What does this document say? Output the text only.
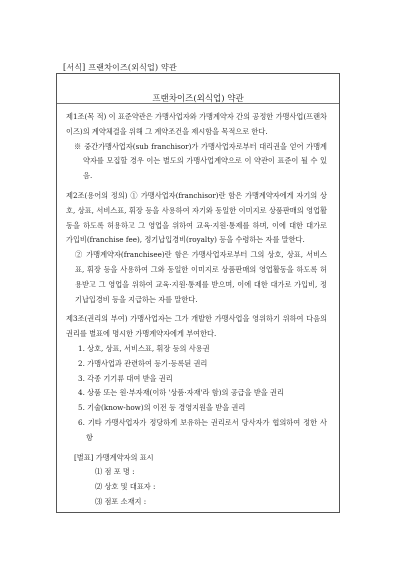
[서식] 프랜차이즈(외식업) 약관
프랜차이즈(외식업) 약관

제1조(목 적) 이 표준약관은 가맹사업자와 가맹계약자 간의 공정한 가맹사업(프랜차이즈)의 계약체결을 위해 그 계약조건을 제시함을 목적으로 한다.

※ 중간가맹사업자(sub franchisor)가 가맹사업자로부터 대리권을 얻어 가맹계약자를 모집할 경우 이는 별도의 가맹사업계약으로 이 약관이 표준이 될 수 있음.

제2조(용어의 정의) ① 가맹사업자(franchisor)란 함은 가맹계약자에게 자기의 상호, 상표, 서비스표, 휘장 등을 사용하여 자기와 동일한 이미지로 상품판매의 영업활동을 하도록 허용하고 그 영업을 위하여 교육·지원·통제를 하며, 이에 대한 대가로 가입비(franchise fee), 정기납입경비(royalty) 등을 수령하는 자를 말한다.

② 가맹계약자(franchisee)란 함은 가맹사업자로부터 그의 상호, 상표, 서비스표, 휘장 등을 사용하여 그와 동일한 이미지로 상품판매의 영업활동을 하도록 허용받고 그 영업을 위하여 교육·지원·통제를 받으며, 이에 대한 대가로 가입비, 정기납입경비 등을 지급하는 자를 말한다.

제3조(권리의 부여) 가맹사업자는 그가 개발한 가맹사업을 영위하기 위하여 다음의 권리를 별표에 명시한 가맹계약자에게 부여한다.

1. 상호, 상표, 서비스표, 휘장 등의 사용권

2. 가맹사업과 관련하여 등기·등록된 권리

3. 각종 기기류 대여 받을 권리

4. 상품 또는 원·부자재(이하 '상품·자재'라 함)의 공급을 받을 권리

5. 기술(know-how)의 이전 등 경영지원을 받을 권리

6. 기타 가맹사업자가 정당하게 보유하는 권리로서 당사자가 협의하여 정한 사항

[별표] 가맹계약자의 표시

⑴ 점 포 명 :

⑵ 상호 및 대표자 :

⑶ 점포 소재지 :
